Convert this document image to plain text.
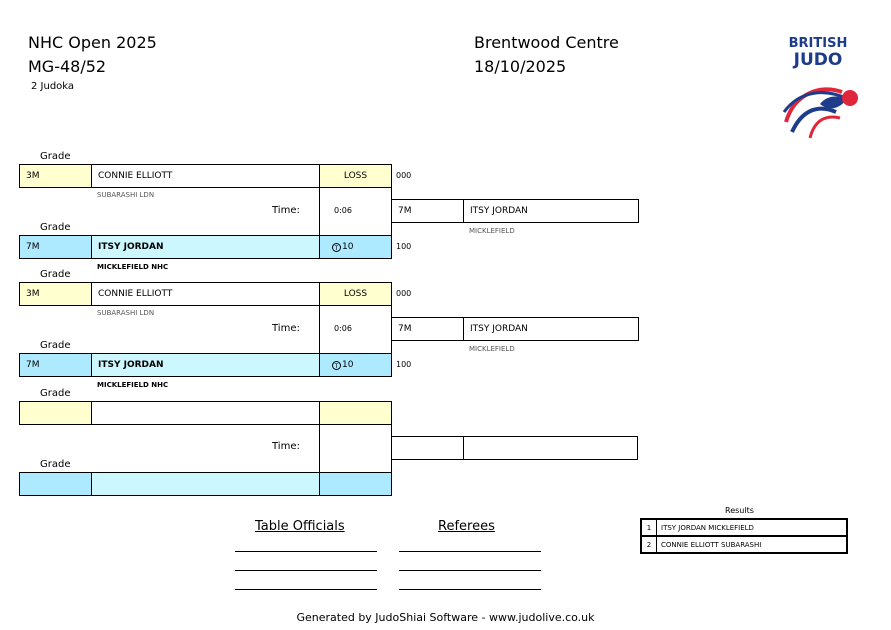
NHC Open 2025
MG-48/52
2 Judoka
Brentwood Centre
18/10/2025
BRITISH
JUDO
Grade
3M	CONNIE ELLIOTT	LOSS	000
SUBARASHI LDN
Time:	0:06	7M	ITSY JORDAN
MICKLEFIELD
Grade
7M	ITSY JORDAN	T 10	100
MICKLEFIELD NHC
Grade
3M	CONNIE ELLIOTT	LOSS	000
SUBARASHI LDN
Time:	0:06	7M	ITSY JORDAN
MICKLEFIELD
Grade
7M	ITSY JORDAN	T 10	100
MICKLEFIELD NHC
Grade
Time:
Grade
Table Officials	Referees
Results
1	ITSY JORDAN MICKLEFIELD
2	CONNIE ELLIOTT SUBARASHI
Generated by JudoShiai Software - www.judolive.co.uk
